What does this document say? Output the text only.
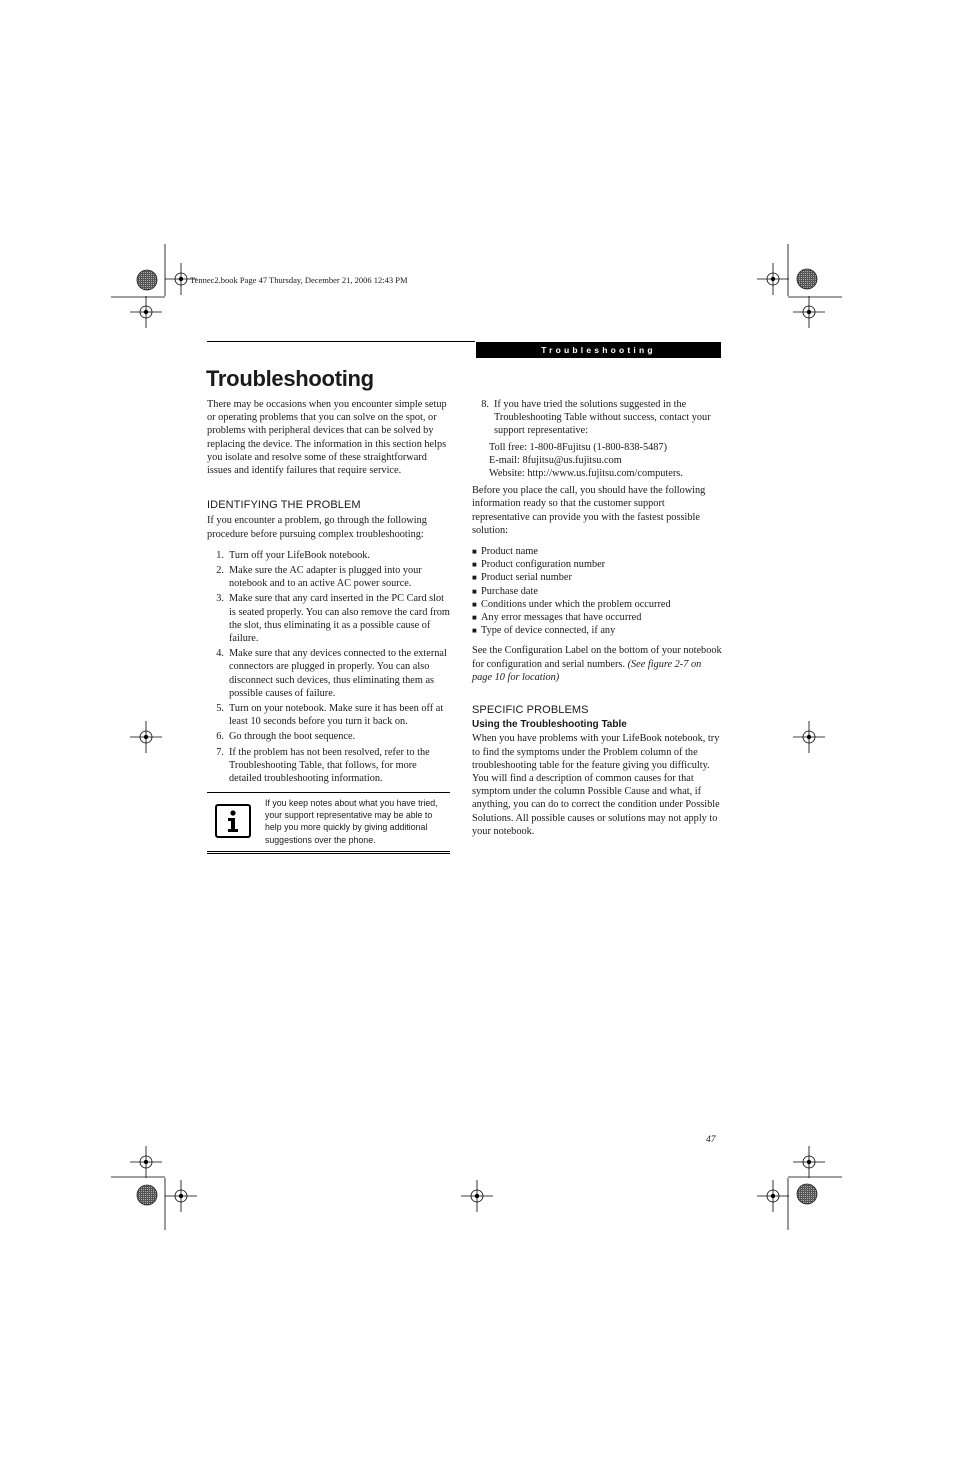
Tennec2.book Page 47 Thursday, December 21, 2006 12:43 PM
Troubleshooting
Troubleshooting

There may be occasions when you encounter simple setup or operating problems that you can solve on the spot, or problems with peripheral devices that can be solved by replacing the device. The information in this section helps you isolate and resolve some of these straightforward issues and identify failures that require service.

IDENTIFYING THE PROBLEM

If you encounter a problem, go through the following procedure before pursuing complex troubleshooting:

1. Turn off your LifeBook notebook.
2. Make sure the AC adapter is plugged into your notebook and to an active AC power source.
3. Make sure that any card inserted in the PC Card slot is seated properly. You can also remove the card from the slot, thus eliminating it as a possible cause of failure.
4. Make sure that any devices connected to the external connectors are plugged in properly. You can also disconnect such devices, thus eliminating them as possible causes of failure.
5. Turn on your notebook. Make sure it has been off at least 10 seconds before you turn it back on.
6. Go through the boot sequence.
7. If the problem has not been resolved, refer to the Troubleshooting Table, that follows, for more detailed troubleshooting information.
If you keep notes about what you have tried, your support representative may be able to help you more quickly by giving additional suggestions over the phone.
8. If you have tried the solutions suggested in the Troubleshooting Table without success, contact your support representative:
Toll free: 1-800-8Fujitsu (1-800-838-5487)
E-mail: 8fujitsu@us.fujitsu.com
Website: http://www.us.fujitsu.com/computers.

Before you place the call, you should have the following information ready so that the customer support representative can provide you with the fastest possible solution:

■ Product name
■ Product configuration number
■ Product serial number
■ Purchase date
■ Conditions under which the problem occurred
■ Any error messages that have occurred
■ Type of device connected, if any

See the Configuration Label on the bottom of your notebook for configuration and serial numbers. (See figure 2-7 on page 10 for location)

SPECIFIC PROBLEMS
Using the Troubleshooting Table

When you have problems with your LifeBook notebook, try to find the symptoms under the Problem column of the troubleshooting table for the feature giving you difficulty. You will find a description of common causes for that symptom under the column Possible Cause and what, if anything, you can do to correct the condition under Possible Solutions. All possible causes or solutions may not apply to your notebook.

47
